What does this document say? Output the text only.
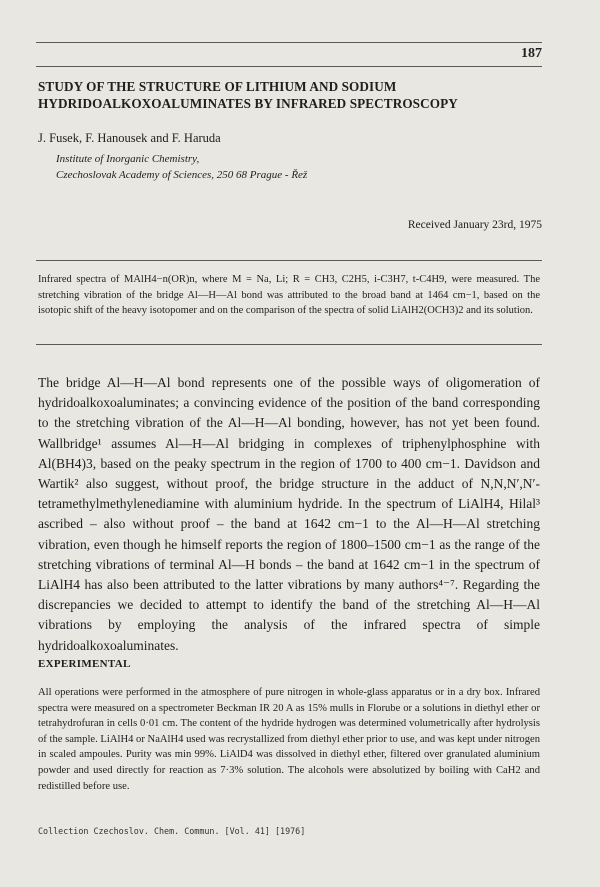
187
STUDY OF THE STRUCTURE OF LITHIUM AND SODIUM HYDRIDOALKOXOALUMINATES BY INFRARED SPECTROSCOPY
J. Fusek, F. Hanousek and F. Haruda
Institute of Inorganic Chemistry,
Czechoslovak Academy of Sciences, 250 68 Prague - Řež
Received January 23rd, 1975
Infrared spectra of MAlH4−n(OR)n, where M = Na, Li; R = CH3, C2H5, i-C3H7, t-C4H9, were measured. The stretching vibration of the bridge Al—H—Al bond was attributed to the broad band at 1464 cm−1, based on the isotopic shift of the heavy isotopomer and on the comparison of the spectra of solid LiAlH2(OCH3)2 and its solution.

The bridge Al—H—Al bond represents one of the possible ways of oligomeration of hydridoalkoxoaluminates; a convincing evidence of the position of the band corresponding to the stretching vibration of the Al—H—Al bonding, however, has not yet been found. Wallbridge¹ assumes Al—H—Al bridging in complexes of triphenylphosphine with Al(BH4)3, based on the peaky spectrum in the region of 1700 to 400 cm−1. Davidson and Wartik² also suggest, without proof, the bridge structure in the adduct of N,N,N′,N′-tetramethylmethylenediamine with aluminium hydride. In the spectrum of LiAlH4, Hilal³ ascribed – also without proof – the band at 1642 cm−1 to the Al—H—Al stretching vibration, even though he himself reports the region of 1800–1500 cm−1 as the range of the stretching vibrations of terminal Al—H bonds – the band at 1642 cm−1 in the spectrum of LiAlH4 has also been attributed to the latter vibrations by many authors⁴⁻⁷. Regarding the discrepancies we decided to attempt to identify the band of the stretching Al—H—Al vibrations by employing the analysis of the infrared spectra of simple hydridoalkoxoaluminates.

EXPERIMENTAL

All operations were performed in the atmosphere of pure nitrogen in whole-glass apparatus or in a dry box. Infrared spectra were measured on a spectrometer Beckman IR 20 A as 15% mulls in Florube or a solutions in diethyl ether or tetrahydrofuran in cells 0·01 cm. The content of the hydride hydrogen was determined volumetrically after hydrolysis of the sample. LiAlH4 or NaAlH4 used was recrystallized from diethyl ether prior to use, and was kept under nitrogen in scaled ampoules. Purity was min 99%. LiAlD4 was dissolved in diethyl ether, filtered over granulated aluminium powder and used directly for reaction as 7·3% solution. The alcohols were absolutized by boiling with CaH2 and redistilled before use.

Collection Czechoslov. Chem. Commun. [Vol. 41] [1976]
